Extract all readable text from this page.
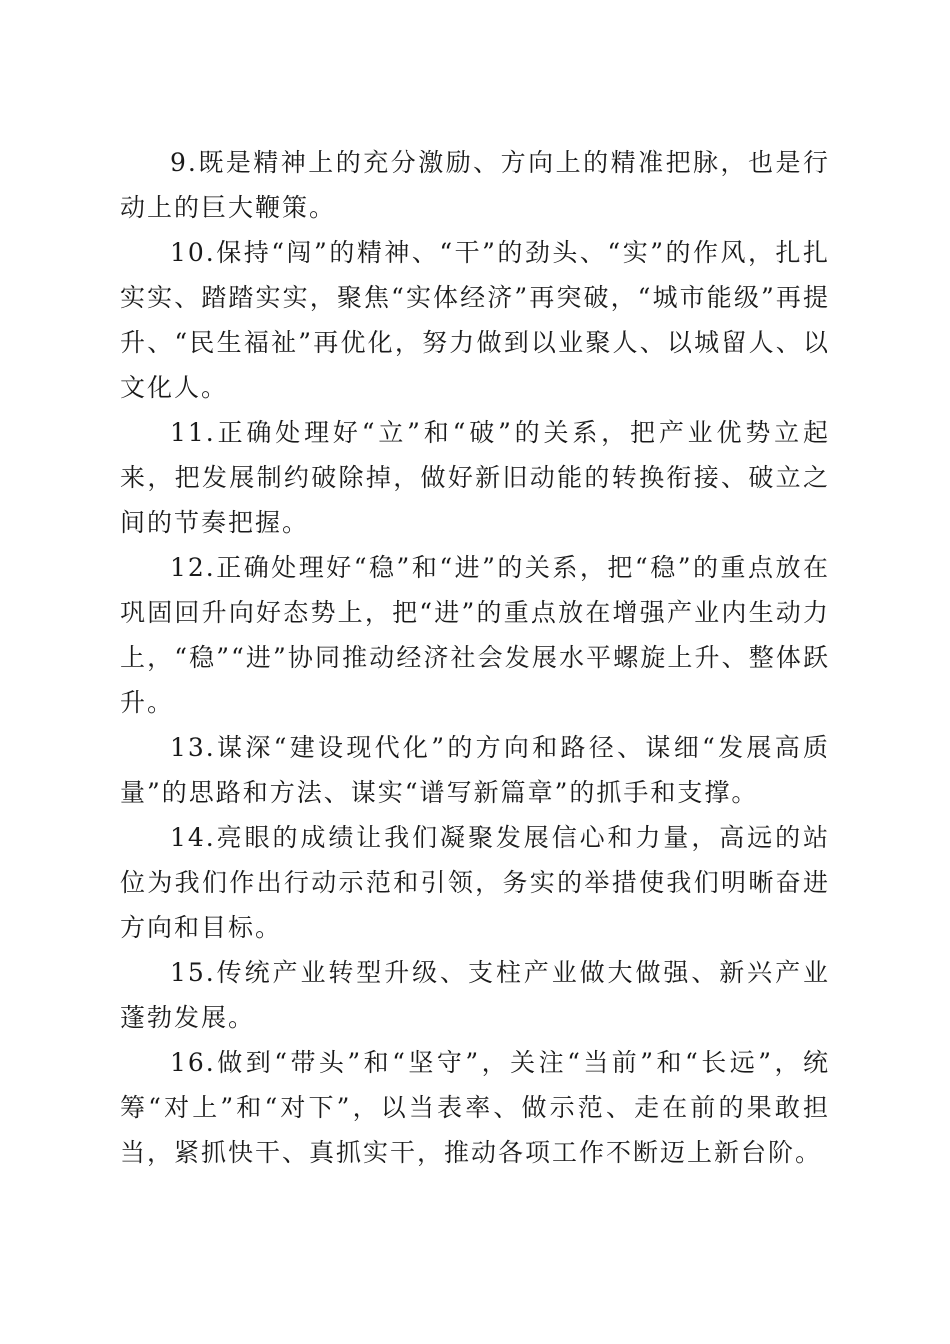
9.既是精神上的充分激励、方向上的精准把脉，也是行动上的巨大鞭策。

10.保持“闯”的精神、“干”的劲头、“实”的作风，扎扎实实、踏踏实实，聚焦“实体经济”再突破，“城市能级”再提升、“民生福祉”再优化，努力做到以业聚人、以城留人、以文化人。

11.正确处理好“立”和“破”的关系，把产业优势立起来，把发展制约破除掉，做好新旧动能的转换衔接、破立之间的节奏把握。

12.正确处理好“稳”和“进”的关系，把“稳”的重点放在巩固回升向好态势上，把“进”的重点放在增强产业内生动力上，“稳”“进”协同推动经济社会发展水平螺旋上升、整体跃升。

13.谋深“建设现代化”的方向和路径、谋细“发展高质量”的思路和方法、谋实“谱写新篇章”的抓手和支撑。

14.亮眼的成绩让我们凝聚发展信心和力量，高远的站位为我们作出行动示范和引领，务实的举措使我们明晰奋进方向和目标。

15.传统产业转型升级、支柱产业做大做强、新兴产业蓬勃发展。

16.做到“带头”和“坚守”，关注“当前”和“长远”，统筹“对上”和“对下”，以当表率、做示范、走在前的果敢担当，紧抓快干、真抓实干，推动各项工作不断迈上新台阶。
